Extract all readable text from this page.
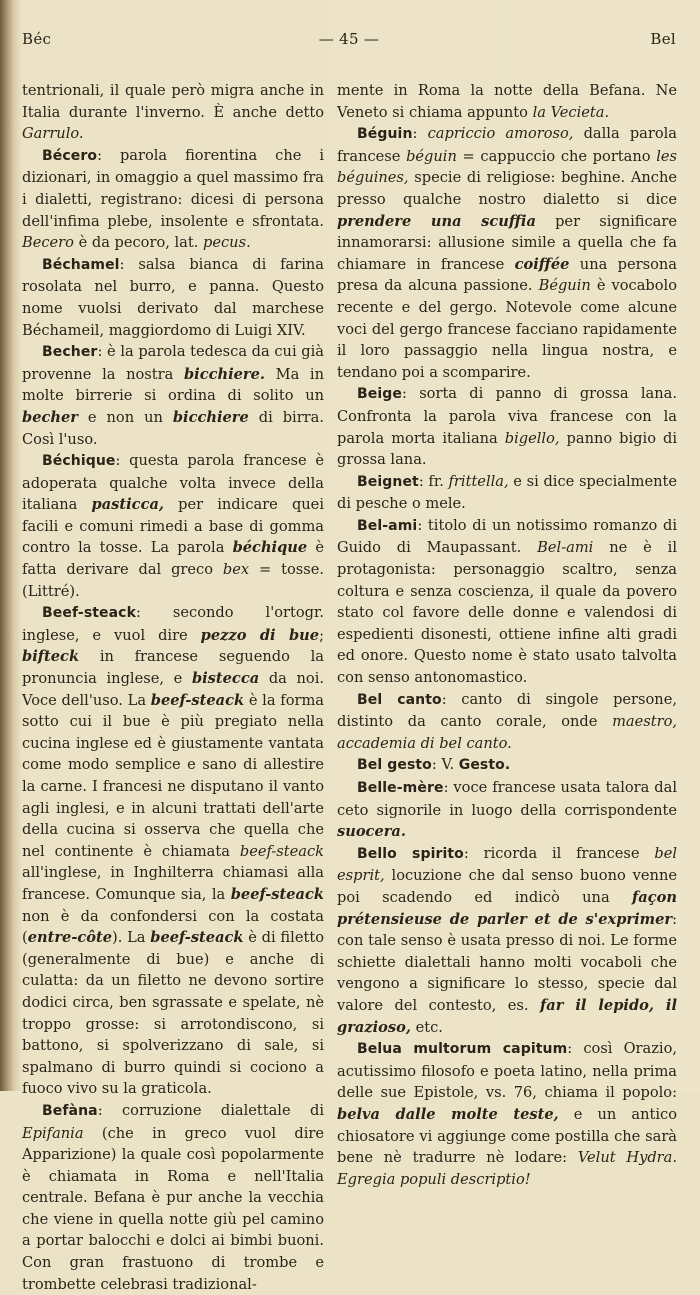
Béc	— 45 —	Bel

tentrionali, il quale però migra anche in Italia durante l'inverno. È anche detto Garrulo.

Bécero: parola fiorentina che i dizionari, in omaggio a quel massimo fra i dialetti, registrano: dicesi di persona dell'infima plebe, insolente e sfrontata. Becero è da pecoro, lat. pecus.

Béchamel: salsa bianca di farina rosolata nel burro, e panna. Questo nome vuolsi derivato dal marchese Béchameil, maggiordomo di Luigi XIV.

Becher: è la parola tedesca da cui già provenne la nostra bicchiere. Ma in molte birrerie si ordina di solito un becher e non un bicchiere di birra. Così l'uso.

Béchique: questa parola francese è adoperata qualche volta invece della italiana pasticca, per indicare quei facili e comuni rimedi a base di gomma contro la tosse. La parola béchique è fatta derivare dal greco bex = tosse. (Littré).

Beef-steack: secondo l'ortogr. inglese, e vuol dire pezzo di bue; bifteck in francese seguendo la pronuncia inglese, e bistecca da noi. Voce dell'uso. La beef-steack è la forma sotto cui il bue è più pregiato nella cucina inglese ed è giustamente vantata come modo semplice e sano di allestire la carne. I francesi ne disputano il vanto agli inglesi, e in alcuni trattati dell'arte della cucina si osserva che quella che nel continente è chiamata beef-steack all'inglese, in Inghilterra chiamasi alla francese. Comunque sia, la beef-steack non è da confondersi con la costata (entre-côte). La beef-steack è di filetto (generalmente di bue) e anche di culatta: da un filetto ne devono sortire dodici circa, ben sgrassate e spelate, nè troppo grosse: si arrotondiscono, si battono, si spolverizzano di sale, si spalmano di burro quindi si cociono a fuoco vivo su la graticola.

Befàna: corruzione dialettale di Epifania (che in greco vuol dire Apparizione) la quale così popolarmente è chiamata in Roma e nell'Italia centrale. Befana è pur anche la vecchia che viene in quella notte giù pel camino a portar balocchi e dolci ai bimbi buoni. Con gran frastuono di trombe e trombette celebrasi tradizional-

mente in Roma la notte della Befana. Ne Veneto si chiama appunto la Vecieta.

Béguin: capriccio amoroso, dalla parola francese béguin = cappuccio che portano les béguines, specie di religiose: beghine. Anche presso qualche nostro dialetto si dice prendere una scuffia per significare innamorarsi: allusione simile a quella che fa chiamare in francese coiffée una persona presa da alcuna passione. Béguin è vocabolo recente e del gergo. Notevole come alcune voci del gergo francese facciano rapidamente il loro passaggio nella lingua nostra, e tendano poi a scomparire.

Beige: sorta di panno di grossa lana. Confronta la parola viva francese con la parola morta italiana bigello, panno bigio di grossa lana.

Beignet: fr. frittella, e si dice specialmente di pesche o mele.

Bel-ami: titolo di un notissimo romanzo di Guido di Maupassant. Bel-ami ne è il protagonista: personaggio scaltro, senza coltura e senza coscienza, il quale da povero stato col favore delle donne e valendosi di espedienti disonesti, ottiene infine alti gradi ed onore. Questo nome è stato usato talvolta con senso antonomastico.

Bel canto: canto di singole persone, distinto da canto corale, onde maestro, accademia di bel canto.

Bel gesto: V. Gesto.

Belle-mère: voce francese usata talora dal ceto signorile in luogo della corrispondente suocera.

Bello spirito: ricorda il francese bel esprit, locuzione che dal senso buono venne poi scadendo ed indicò una façon prétensieuse de parler et de s'exprimer: con tale senso è usata presso di noi. Le forme schiette dialettali hanno molti vocaboli che vengono a significare lo stesso, specie dal valore del contesto, es. far il lepido, il grazioso, etc.

Belua multorum capitum: così Orazio, acutissimo filosofo e poeta latino, nella prima delle sue Epistole, vs. 76, chiama il popolo: belva dalle molte teste, e un antico chiosatore vi aggiunge come postilla che sarà bene nè tradurre nè lodare: Velut Hydra. Egregia populi descriptio!
